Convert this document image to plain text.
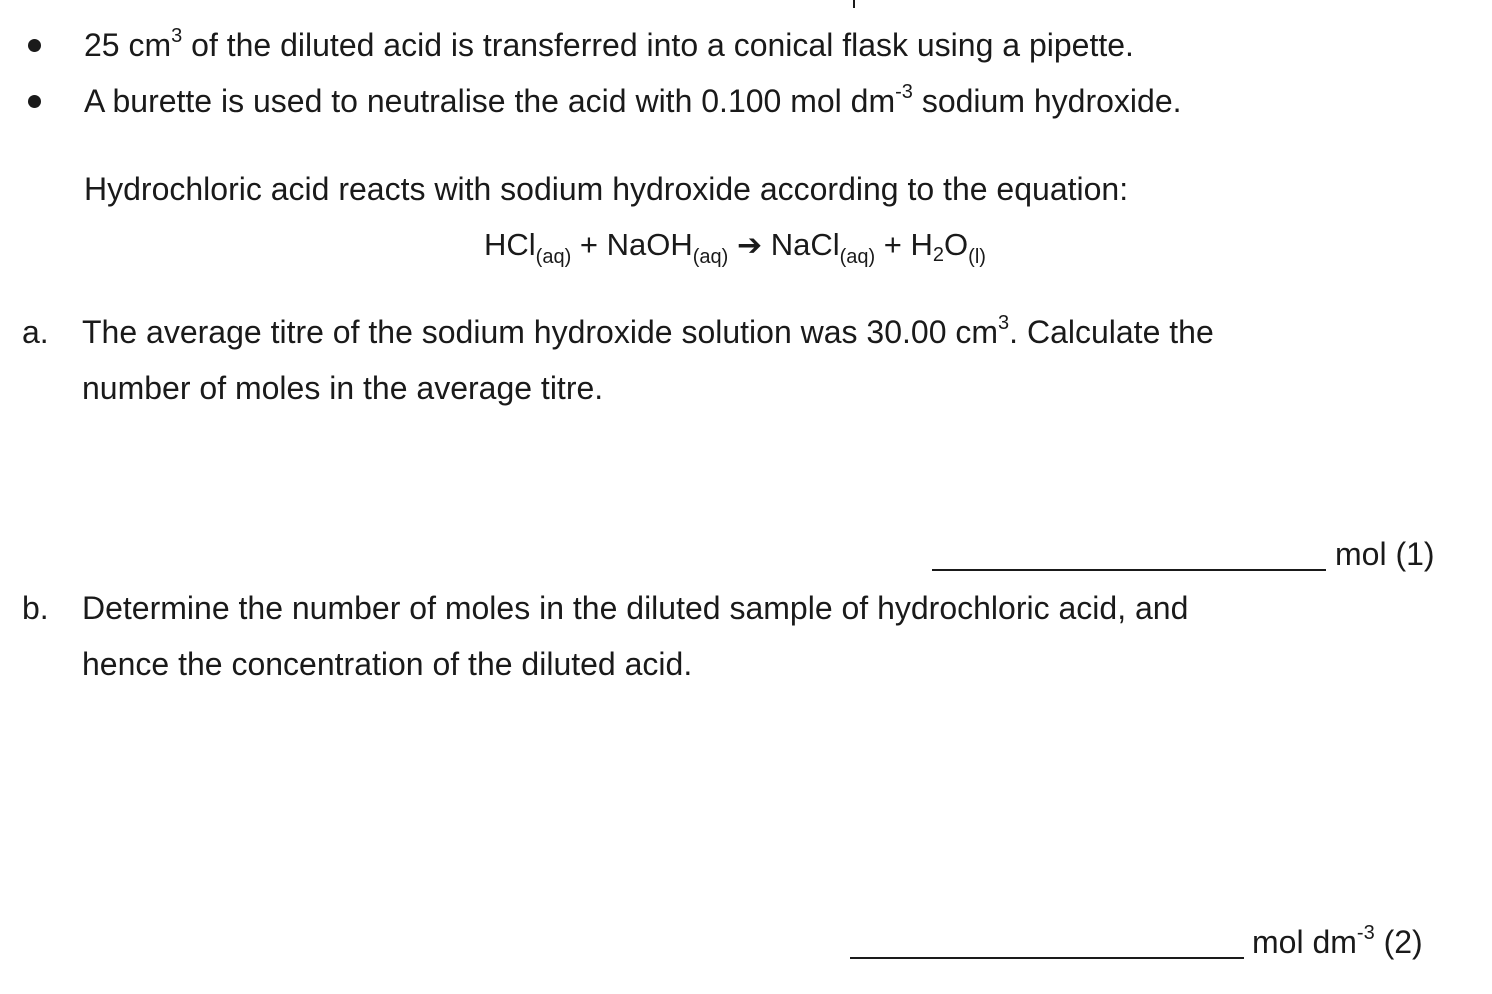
25 $cm^3$ of the diluted acid is transferred into a conical flask using a pipette.
A burette is used to neutralise the acid with 0.100 mol $dm^{-3}$ sodium hydroxide.
Hydrochloric acid reacts with sodium hydroxide according to the equation:
HCl$_{(aq)}$ + NaOH$_{(aq)}$ ➔ NaCl$_{(aq)}$ + $H_2O_{(l)}$
a. The average titre of the sodium hydroxide solution was 30.00 $cm^3$. Calculate the
number of moles in the average titre.
mol (1)
b. Determine the number of moles in the diluted sample of hydrochloric acid, and
hence the concentration of the diluted acid.
mol $dm^{-3}$ (2)
